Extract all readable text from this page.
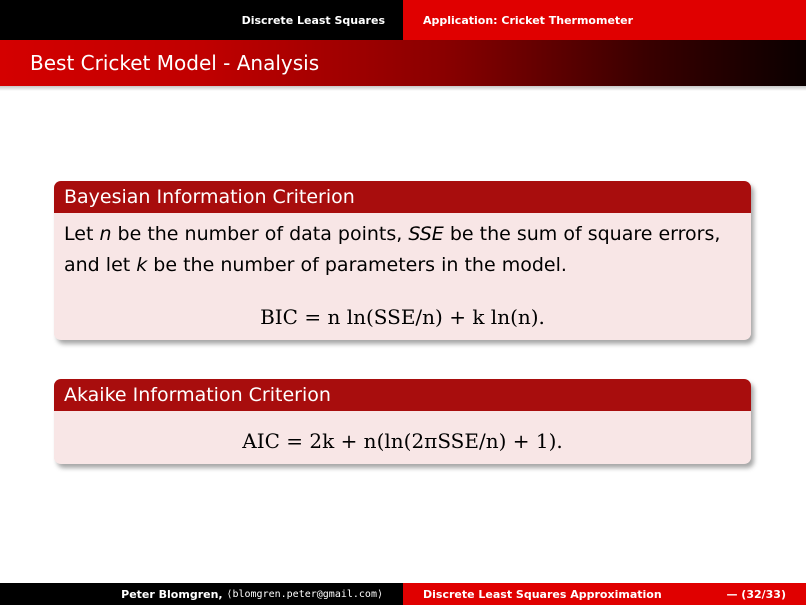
Discrete Least Squares	Application: Cricket Thermometer
Best Cricket Model - Analysis
Bayesian Information Criterion
Let n be the number of data points, SSE be the sum of square errors, and let k be the number of parameters in the model.
BIC = n ln(SSE/n) + k ln(n).
Akaike Information Criterion
AIC = 2k + n(ln(2πSSE/n) + 1).
Peter Blomgren,
⟨blomgren.peter@gmail.com⟩	Discrete Least Squares Approximation	— (32/33)
